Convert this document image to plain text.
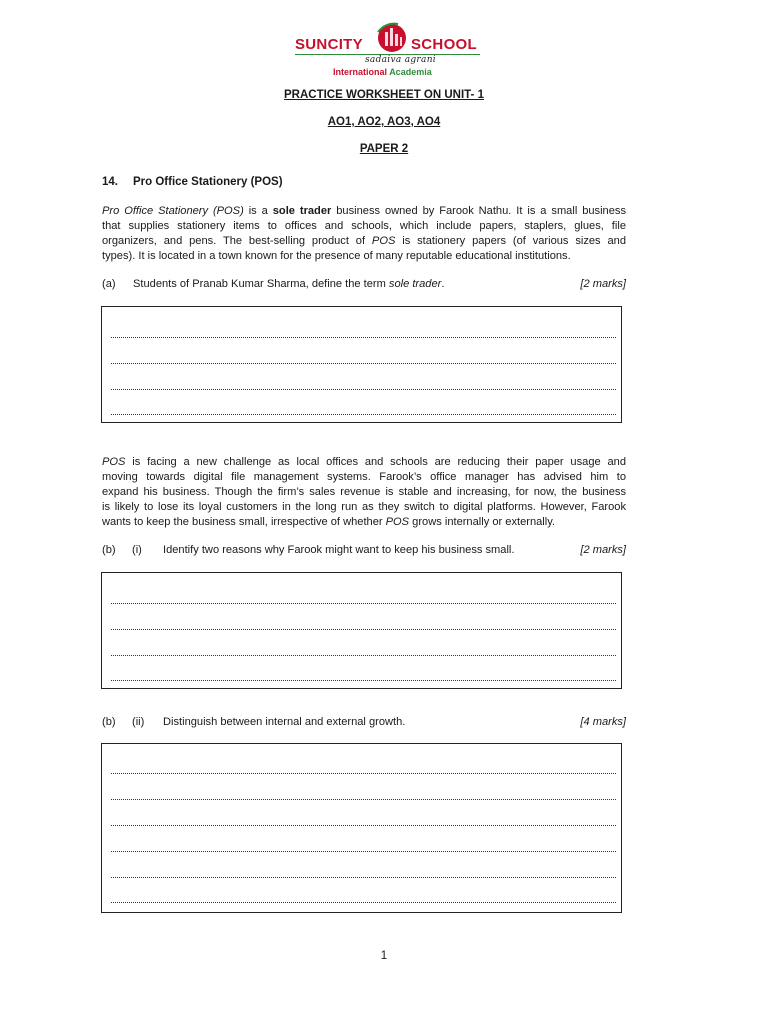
SUNCITY	SCHOOL
sadaiva agrani
International Academia
PRACTICE WORKSHEET ON UNIT- 1
AO1, AO2, AO3, AO4
PAPER 2
14. Pro Office Stationery (POS)
Pro Office Stationery (POS) is a sole trader business owned by Farook Nathu. It is a small business
that supplies stationery items to offices and schools, which include papers, staplers, glues, file
organizers, and pens. The best-selling product of POS is stationery papers (of various sizes and
types). It is located in a town known for the presence of many reputable educational institutions.
(a) Students of Pranab Kumar Sharma, define the term sole trader.	[2 marks]
POS is facing a new challenge as local offices and schools are reducing their paper usage and
moving towards digital file management systems. Farook’s office manager has advised him to
expand his business. Though the firm’s sales revenue is stable and increasing, for now, the business
is likely to lose its loyal customers in the long run as they switch to digital platforms. However, Farook
wants to keep the business small, irrespective of whether POS grows internally or externally.
(b) (i) Identify two reasons why Farook might want to keep his business small.	[2 marks]
(b) (ii) Distinguish between internal and external growth.	[4 marks]
1
